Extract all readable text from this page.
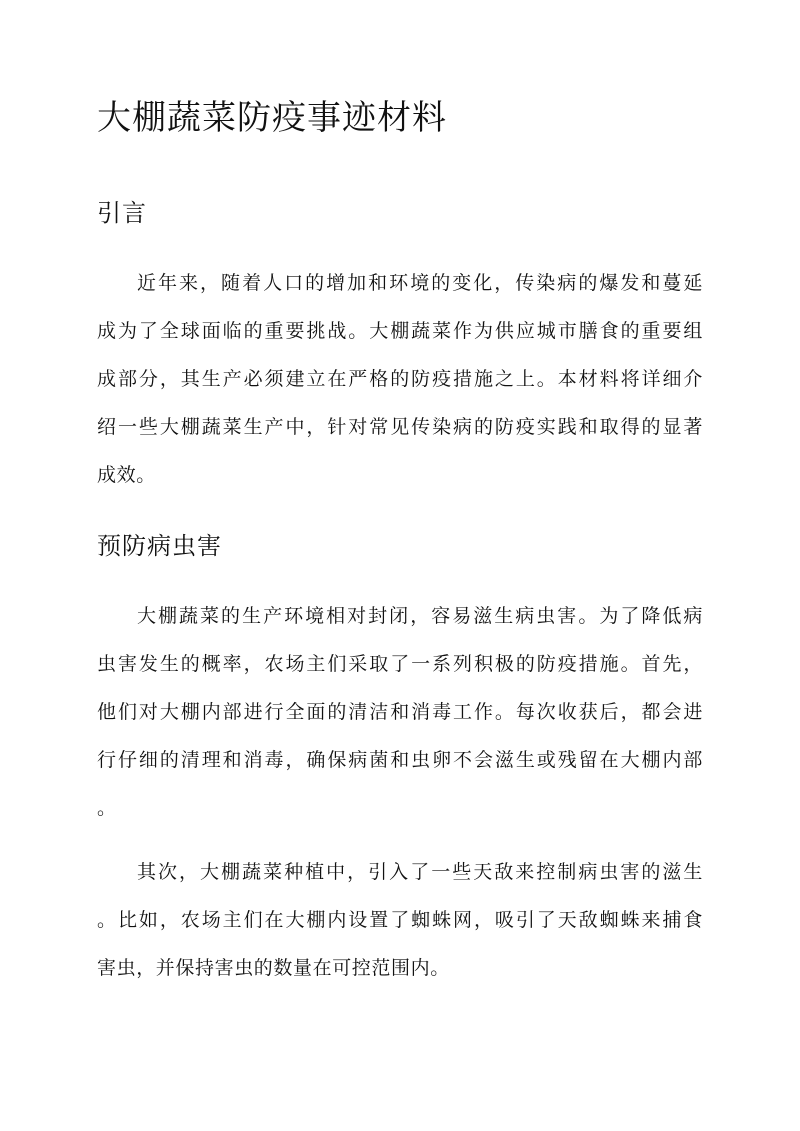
大棚蔬菜防疫事迹材料
引言
近年来，随着人口的增加和环境的变化，传染病的爆发和蔓延
成为了全球面临的重要挑战。大棚蔬菜作为供应城市膳食的重要组
成部分，其生产必须建立在严格的防疫措施之上。本材料将详细介
绍一些大棚蔬菜生产中，针对常见传染病的防疫实践和取得的显著
成效。
预防病虫害
大棚蔬菜的生产环境相对封闭，容易滋生病虫害。为了降低病
虫害发生的概率，农场主们采取了一系列积极的防疫措施。首先，
他们对大棚内部进行全面的清洁和消毒工作。每次收获后，都会进
行仔细的清理和消毒，确保病菌和虫卵不会滋生或残留在大棚内部
。
其次，大棚蔬菜种植中，引入了一些天敌来控制病虫害的滋生
。比如，农场主们在大棚内设置了蜘蛛网，吸引了天敌蜘蛛来捕食
害虫，并保持害虫的数量在可控范围内。
